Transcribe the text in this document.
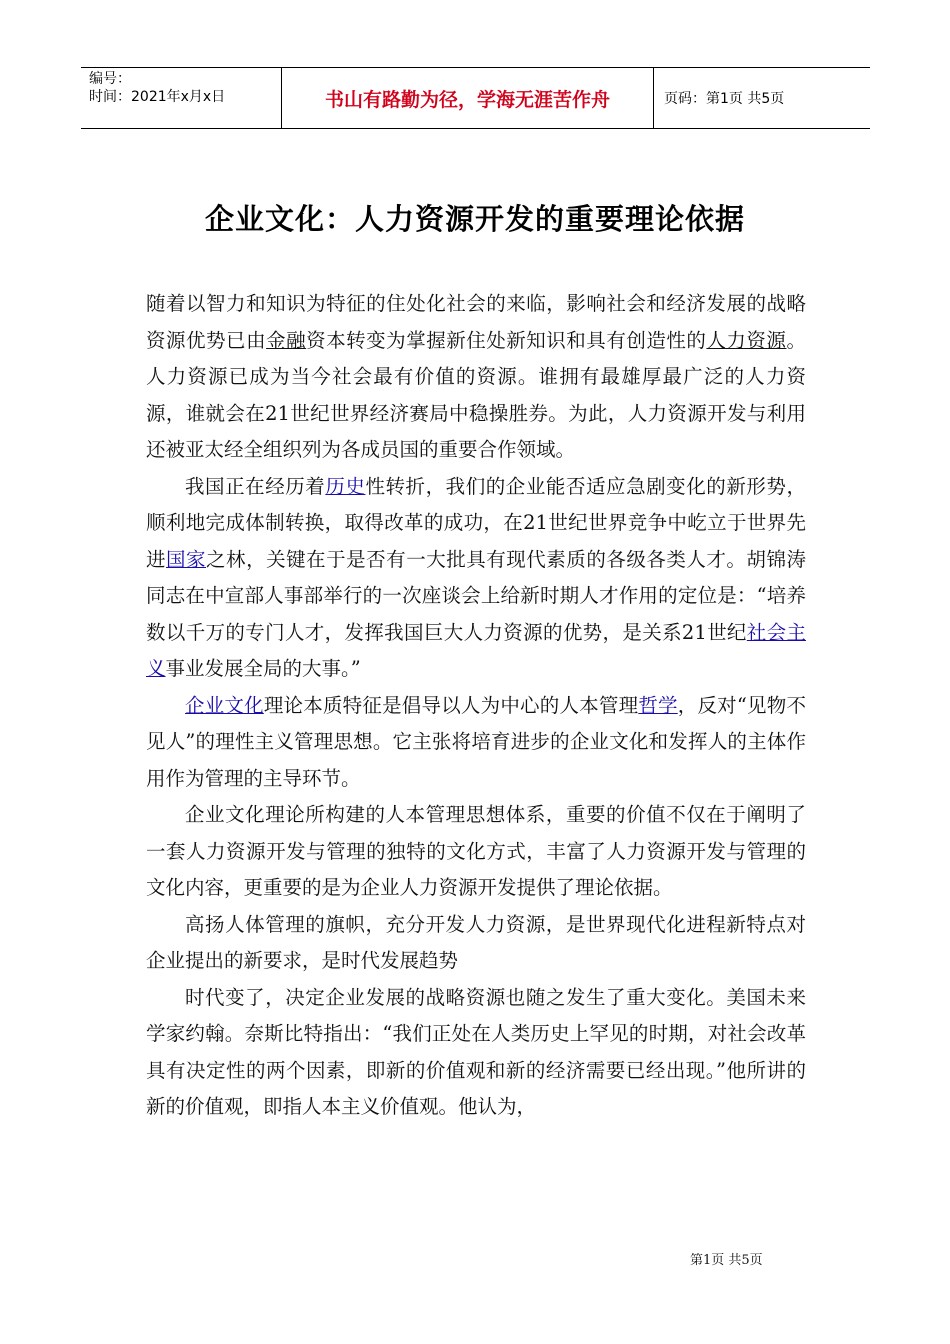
编号：
时间：2021年x月x日	书山有路勤为径，学海无涯苦作舟	页码：第1页 共5页
企业文化：人力资源开发的重要理论依据

随着以智力和知识为特征的住处化社会的来临，影响社会和经济发展的战略资源优势已由金融资本转变为掌握新住处新知识和具有创造性的人力资源。人力资源已成为当今社会最有价值的资源。谁拥有最雄厚最广泛的人力资源，谁就会在21世纪世界经济赛局中稳操胜券。为此，人力资源开发与利用还被亚太经全组织列为各成员国的重要合作领域。

我国正在经历着历史性转折，我们的企业能否适应急剧变化的新形势，顺利地完成体制转换，取得改革的成功，在21世纪世界竞争中屹立于世界先进国家之林，关键在于是否有一大批具有现代素质的各级各类人才。胡锦涛同志在中宣部人事部举行的一次座谈会上给新时期人才作用的定位是：“培养数以千万的专门人才，发挥我国巨大人力资源的优势，是关系21世纪社会主义事业发展全局的大事。”

企业文化理论本质特征是倡导以人为中心的人本管理哲学，反对“见物不见人”的理性主义管理思想。它主张将培育进步的企业文化和发挥人的主体作用作为管理的主导环节。

企业文化理论所构建的人本管理思想体系，重要的价值不仅在于阐明了一套人力资源开发与管理的独特的文化方式，丰富了人力资源开发与管理的文化内容，更重要的是为企业人力资源开发提供了理论依据。

高扬人体管理的旗帜，充分开发人力资源，是世界现代化进程新特点对企业提出的新要求，是时代发展趋势

时代变了，决定企业发展的战略资源也随之发生了重大变化。美国未来学家约翰。奈斯比特指出：“我们正处在人类历史上罕见的时期，对社会改革具有决定性的两个因素，即新的价值观和新的经济需要已经出现。”他所讲的新的价值观，即指人本主义价值观。他认为，

第1页 共5页
